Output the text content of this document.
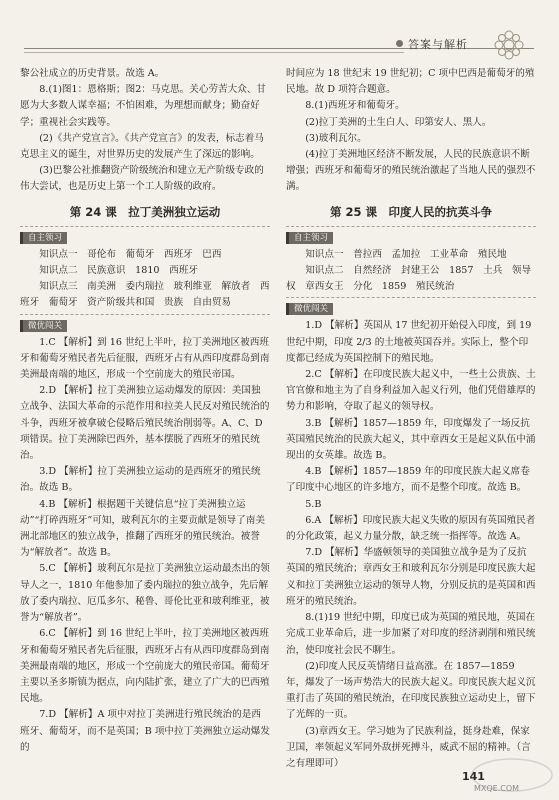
答案与解析

黎公社成立的历史背景。故选 A。

8.(1)图1：恩格斯；图2：马克思。关心劳苦大众、甘愿为大多数人谋幸福；不怕困难，为理想而献身；勤奋好学；重视社会实践等。

(2)《共产党宣言》。《共产党宣言》的发表，标志着马克思主义的诞生，对世界历史的发展产生了深远的影响。

(3)巴黎公社推翻资产阶级统治和建立无产阶级专政的伟大尝试，也是历史上第一个工人阶级的政府。

第 24 课　拉丁美洲独立运动
自主领习

知识点一　哥伦布　葡萄牙　西班牙　巴西

知识点二　民族意识　1810　西班牙

知识点三　南美洲　委内瑞拉　玻利维亚　解放者　西班牙　葡萄牙　资产阶级共和国　贵族　自由贸易

微优闯关

1.C 【解析】到 16 世纪上半叶，拉丁美洲地区被西班牙和葡萄牙殖民者先后征服，西班牙占有从西印度群岛到南美洲最南端的地区，形成一个空前庞大的殖民帝国。

2.D 【解析】拉丁美洲独立运动爆发的原因：美国独立战争、法国大革命的示范作用和拉美人民反对殖民统治的斗争，西班牙被拿破仑侵略后殖民统治削弱等。A、C、D 项错误。拉丁美洲除巴西外，基本摆脱了西班牙的殖民统治。

3.D 【解析】拉丁美洲独立运动的是西班牙的殖民统治。故选 B。

4.B 【解析】根据题干关键信息“拉丁美洲独立运动”“打碎西班牙”可知，玻利瓦尔的主要贡献是领导了南美洲北部地区的独立战争，推翻了西班牙的殖民统治。被誉为“解放者”。故选 B。

5.C 【解析】玻利瓦尔是拉丁美洲独立运动最杰出的领导人之一，1810 年他参加了委内瑞拉的独立战争，先后解放了委内瑞拉、厄瓜多尔、秘鲁、哥伦比亚和玻利维亚，被誉为“解放者”。

6.C 【解析】到 16 世纪上半叶，拉丁美洲地区被西班牙和葡萄牙殖民者先后征服，西班牙占有从西印度群岛到南美洲最南端的地区，形成一个空前庞大的殖民帝国。葡萄牙主要以圣多斯镇为据点，向内陆扩张，建立了广大的巴西殖民地。

7.D 【解析】A 项中对拉丁美洲进行殖民统治的是西班牙、葡萄牙，而不是英国；B 项中拉丁美洲独立运动爆发的

时间应为 18 世纪末 19 世纪初；C 项中巴西是葡萄牙的殖民地。故 D 项符合题意。

8.(1)西班牙和葡萄牙。

(2)拉丁美洲的土生白人、印第安人、黑人。

(3)玻利瓦尔。

(4)拉丁美洲地区经济不断发展，人民的民族意识不断增强；西班牙和葡萄牙的殖民统治激起了当地人民的强烈不满。

第 25 课　印度人民的抗英斗争
自主领习

知识点一　普拉西　孟加拉　工业革命　殖民地

知识点二　自然经济　封建王公　1857　土兵　领导权　章西女王　分化　1859　殖民统治

微优闯关

1.D 【解析】英国从 17 世纪初开始侵入印度，到 19 世纪中期，印度 2/3 的土地被英国吞并。实际上，整个印度都已经成为英国控制下的殖民地。

2.C 【解析】在印度民族大起义中，一些土公贵族、土官官僚和地主为了自身利益加入起义行列，他们凭借雄厚的势力和影响，夺取了起义的领导权。

3.B 【解析】1857—1859 年，印度爆发了一场反抗英国殖民统治的民族大起义，其中章西女王是起义队伍中涌现出的女英雄。故选 B。

4.B 【解析】1857—1859 年的印度民族大起义席卷了印度中心地区的许多地方，而不是整个印度。故选 B。

5.B

6.A 【解析】印度民族大起义失败的原因有英国殖民者的分化政策，起义力量分散，缺乏统一指挥等。故选 A。

7.D 【解析】华盛顿领导的美国独立战争是为了反抗英国的殖民统治；章西女王和玻利瓦尔分别是印度民族大起义和拉丁美洲独立运动的领导人物，分别反抗的是英国和西班牙的殖民统治。

8.(1)19 世纪中期，印度已成为英国的殖民地，英国在完成工业革命后，进一步加紧了对印度的经济剥削和殖民统治，使印度社会民不聊生。

(2)印度人民反英情绪日益高涨。在 1857—1859 年，爆发了一场声势浩大的民族大起义。印度民族大起义沉重打击了英国的殖民统治，在印度民族独立运动史上，留下了光辉的一页。

(3)章西女王。学习她为了民族利益，挺身赴难，保家卫国，率领起义军同外敌拼死搏斗，威武不屈的精神。（言之有理即可）

141
MXQE.COM
